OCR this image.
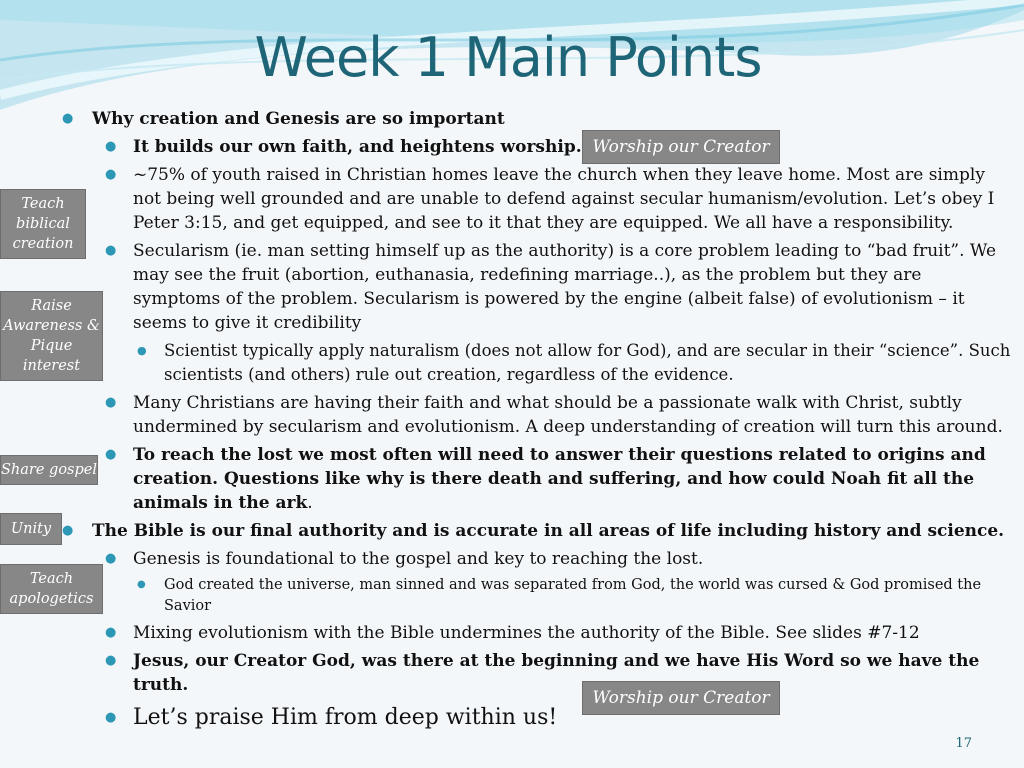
Week 1 Main Points
● Why creation and Genesis are so important
● It builds our own faith, and heightens worship.
● ~75% of youth raised in Christian homes leave the church when they leave home. Most are simply not being well grounded and are unable to defend against secular humanism/evolution. Let’s obey I Peter 3:15, and get equipped, and see to it that they are equipped. We all have a responsibility.
● Secularism (ie. man setting himself up as the authority) is a core problem leading to “bad fruit”. We may see the fruit (abortion, euthanasia, redefining marriage..), as the problem but they are symptoms of the problem. Secularism is powered by the engine (albeit false) of evolutionism – it seems to give it credibility
● Scientist typically apply naturalism (does not allow for God), and are secular in their “science”. Such scientists (and others) rule out creation, regardless of the evidence.
● Many Christians are having their faith and what should be a passionate walk with Christ, subtly undermined by secularism and evolutionism. A deep understanding of creation will turn this around.
● To reach the lost we most often will need to answer their questions related to origins and creation. Questions like why is there death and suffering, and how could Noah fit all the animals in the ark.
● The Bible is our final authority and is accurate in all areas of life including history and science.
● Genesis is foundational to the gospel and key to reaching the lost.
● God created the universe, man sinned and was separated from God, the world was cursed & God promised the Savior
● Mixing evolutionism with the Bible undermines the authority of the Bible. See slides #7-12
● Jesus, our Creator God, was there at the beginning and we have His Word so we have the truth.
● Let’s praise Him from deep within us!
Teach biblical creation
Raise Awareness & Pique interest
Share gospel
Unity
Teach apologetics
Worship our Creator
Worship our Creator
17
